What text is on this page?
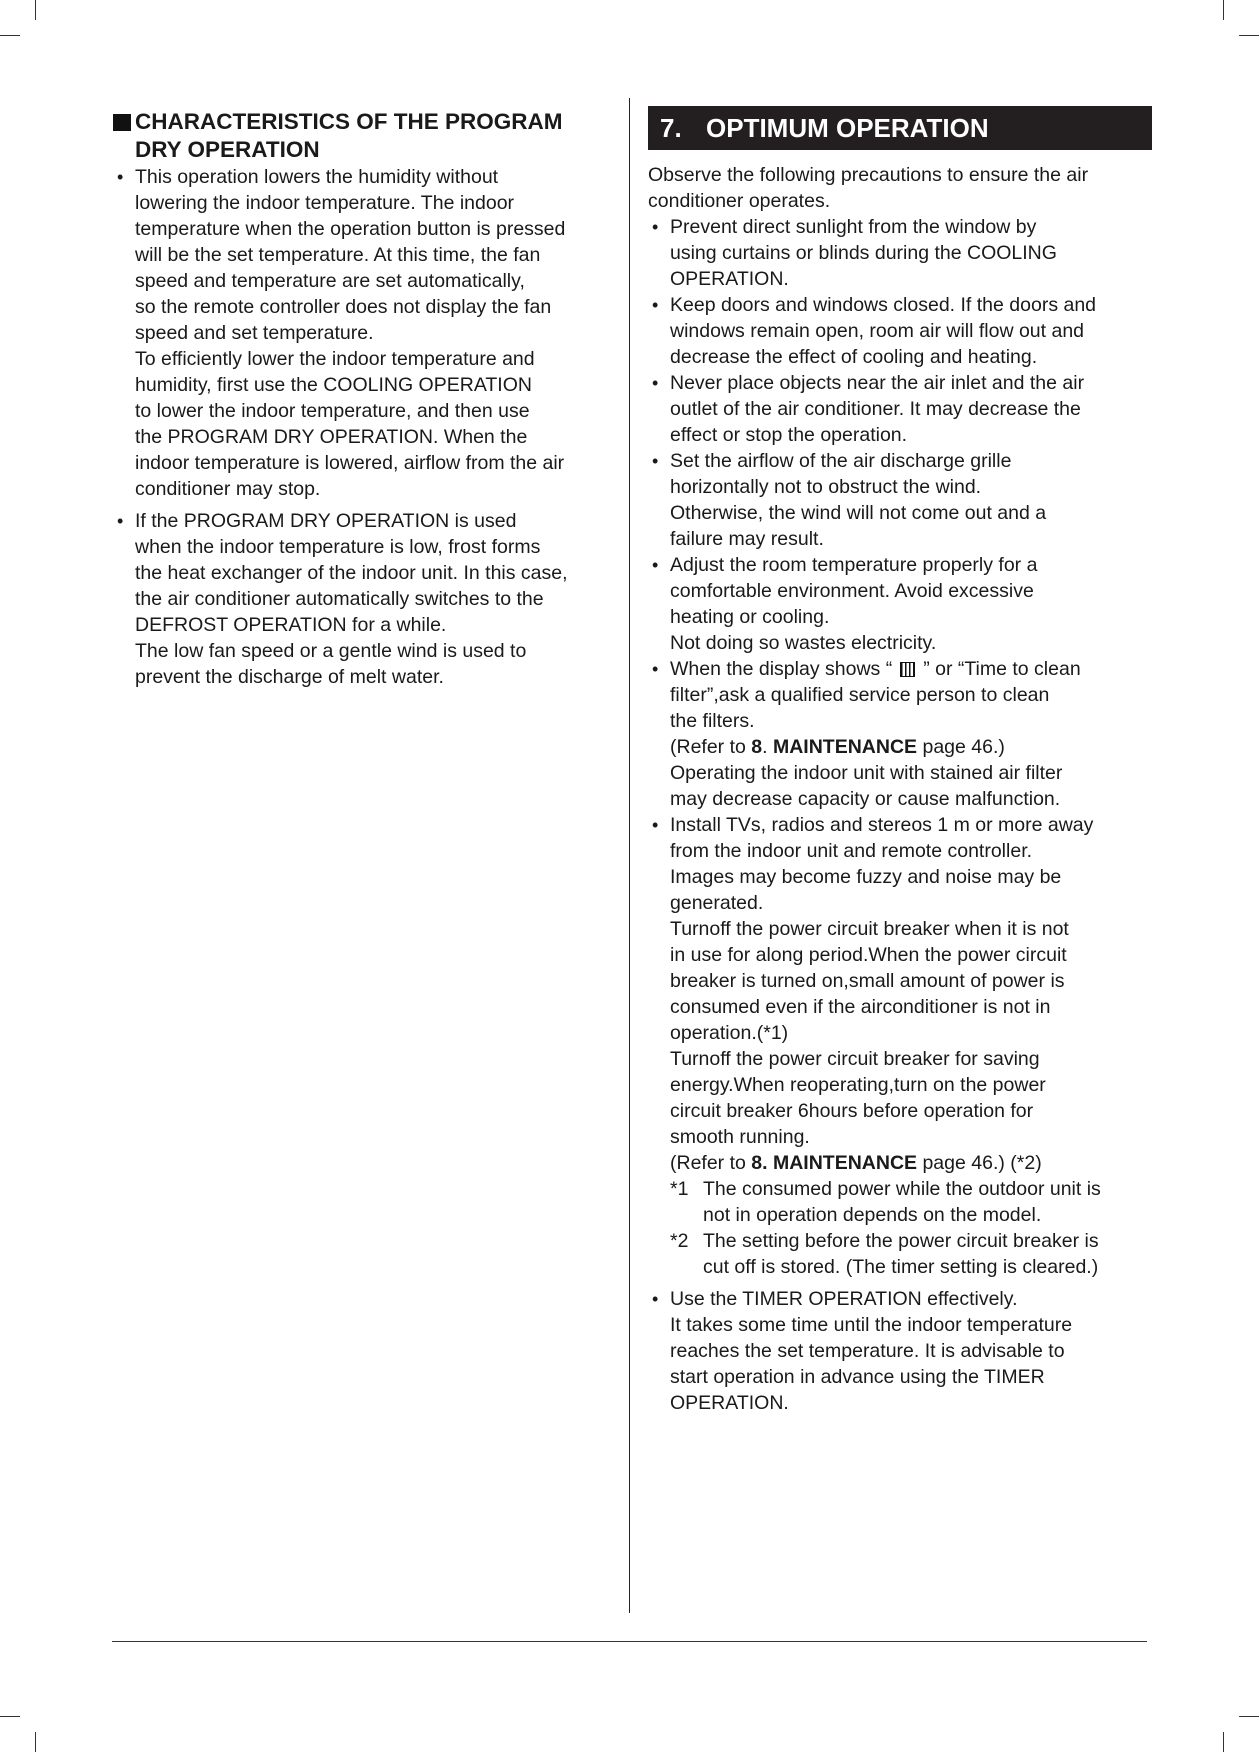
CHARACTERISTICS OF THE PROGRAM
DRY OPERATION
• This operation lowers the humidity without
lowering the indoor temperature. The indoor
temperature when the operation button is pressed
will be the set temperature. At this time, the fan
speed and temperature are set automatically,
so the remote controller does not display the fan
speed and set temperature.
To efficiently lower the indoor temperature and
humidity, first use the COOLING OPERATION
to lower the indoor temperature, and then use
the PROGRAM DRY OPERATION. When the
indoor temperature is lowered, airflow from the air
conditioner may stop.
• If the PROGRAM DRY OPERATION is used
when the indoor temperature is low, frost forms
the heat exchanger of the indoor unit. In this case,
the air conditioner automatically switches to the
DEFROST OPERATION for a while.
The low fan speed or a gentle wind is used to
prevent the discharge of melt water.
7. OPTIMUM OPERATION
Observe the following precautions to ensure the air
conditioner operates.
• Prevent direct sunlight from the window by
using curtains or blinds during the COOLING
OPERATION.
• Keep doors and windows closed. If the doors and
windows remain open, room air will flow out and
decrease the effect of cooling and heating.
• Never place objects near the air inlet and the air
outlet of the air conditioner. It may decrease the
effect or stop the operation.
• Set the airflow of the air discharge grille
horizontally not to obstruct the wind.
Otherwise, the wind will not come out and a
failure may result.
• Adjust the room temperature properly for a
comfortable environment. Avoid excessive
heating or cooling.
Not doing so wastes electricity.
• When the display shows “ ” or “Time to clean
filter”,ask a qualified service person to clean
the filters.
(Refer to 8. MAINTENANCE page 46.)
Operating the indoor unit with stained air filter
may decrease capacity or cause malfunction.
• Install TVs, radios and stereos 1 m or more away
from the indoor unit and remote controller.
Images may become fuzzy and noise may be
generated.
Turnoff the power circuit breaker when it is not
in use for along period.When the power circuit
breaker is turned on,small amount of power is
consumed even if the airconditioner is not in
operation.(*1)
Turnoff the power circuit breaker for saving
energy.When reoperating,turn on the power
circuit breaker 6hours before operation for
smooth running.
(Refer to 8. MAINTENANCE page 46.) (*2)
*1 The consumed power while the outdoor unit is
not in operation depends on the model.
*2 The setting before the power circuit breaker is
cut off is stored. (The timer setting is cleared.)
• Use the TIMER OPERATION effectively.
It takes some time until the indoor temperature
reaches the set temperature. It is advisable to
start operation in advance using the TIMER
OPERATION.
